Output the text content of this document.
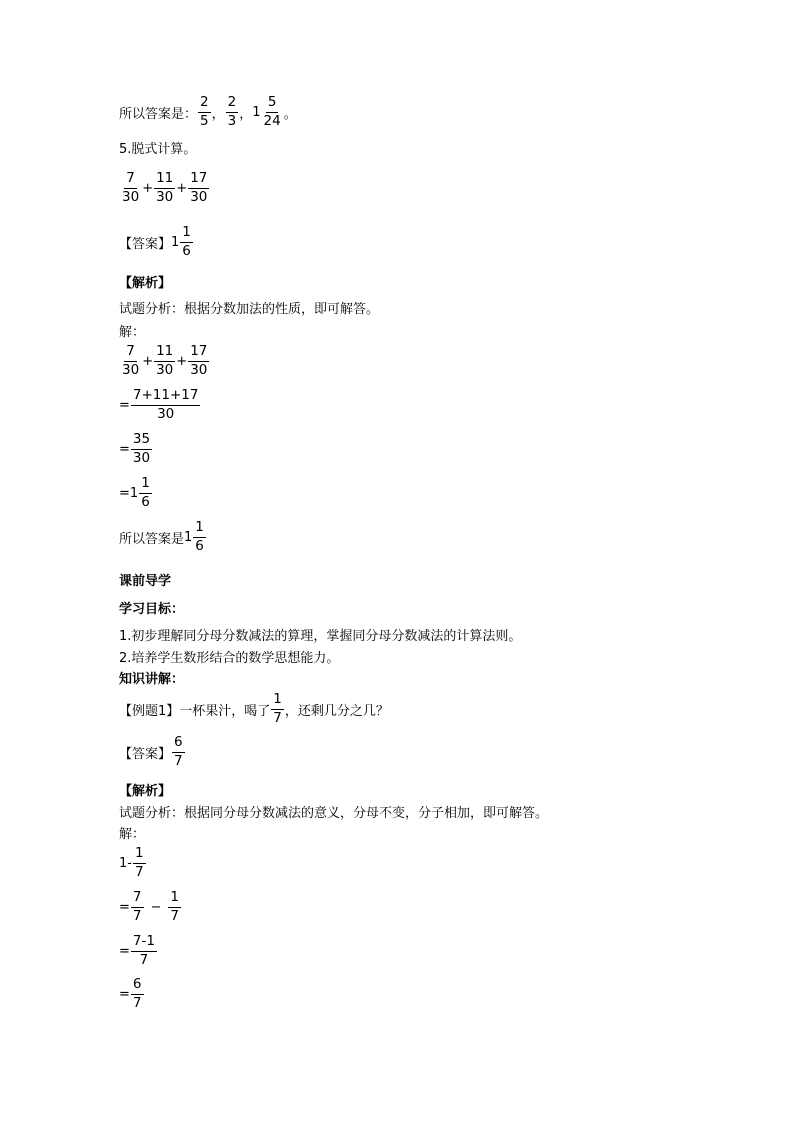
所以答案是： $\frac{2}{5}$ ， $\frac{2}{3}$ ， $1 \frac{5}{24}$ 。
5.脱式计算。
$\frac{7}{30} + \frac{11}{30} + \frac{17}{30}$
【答案】 $1 \frac{1}{6}$
【解析】
试题分析：根据分数加法的性质，即可解答。
解：
$\frac{7}{30} + \frac{11}{30} + \frac{17}{30}$
= $\frac{7+11+17}{30}$
= $\frac{35}{30}$
= $1 \frac{1}{6}$
所以答案是 $1 \frac{1}{6}$
课前导学
学习目标：
1.初步理解同分母分数减法的算理，掌握同分母分数减法的计算法则。
2.培养学生数形结合的数学思想能力。
知识讲解：
【例题1】 一杯果汁，喝了 $\frac{1}{7}$ ，还剩几分之几？
【答案】 $\frac{6}{7}$
【解析】
试题分析：根据同分母分数减法的意义，分母不变，分子相加，即可解答。
解：
$1- \frac{1}{7}$
= $\frac{7}{7} - \frac{1}{7}$
= $\frac{7-1}{7}$
= $\frac{6}{7}$
